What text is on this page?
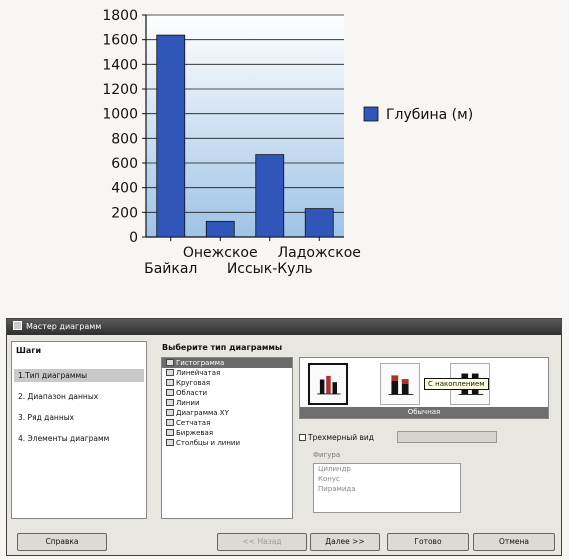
0
200
400
600
800
1000
1200
1400
1600
1800
Байкал
Онежское
Иссык-Куль
Ладожское
Глубина (м)
Мастер диаграмм
Шаги
1.Тип диаграммы
2. Диапазон данных
3. Ряд данных
4. Элементы диаграмм
Выберите тип диаграммы
Гистограмма
Линейчатая
Круговая
Области
Линии
Диаграмма XY
Сетчатая
Биржевая
Столбцы и линии
С накоплением
Обычная
Трехмерный вид
Фигура
Цилиндр
Конус
Пирамида
Справка	<< Назад	Далее >>	Готово	Отмена
